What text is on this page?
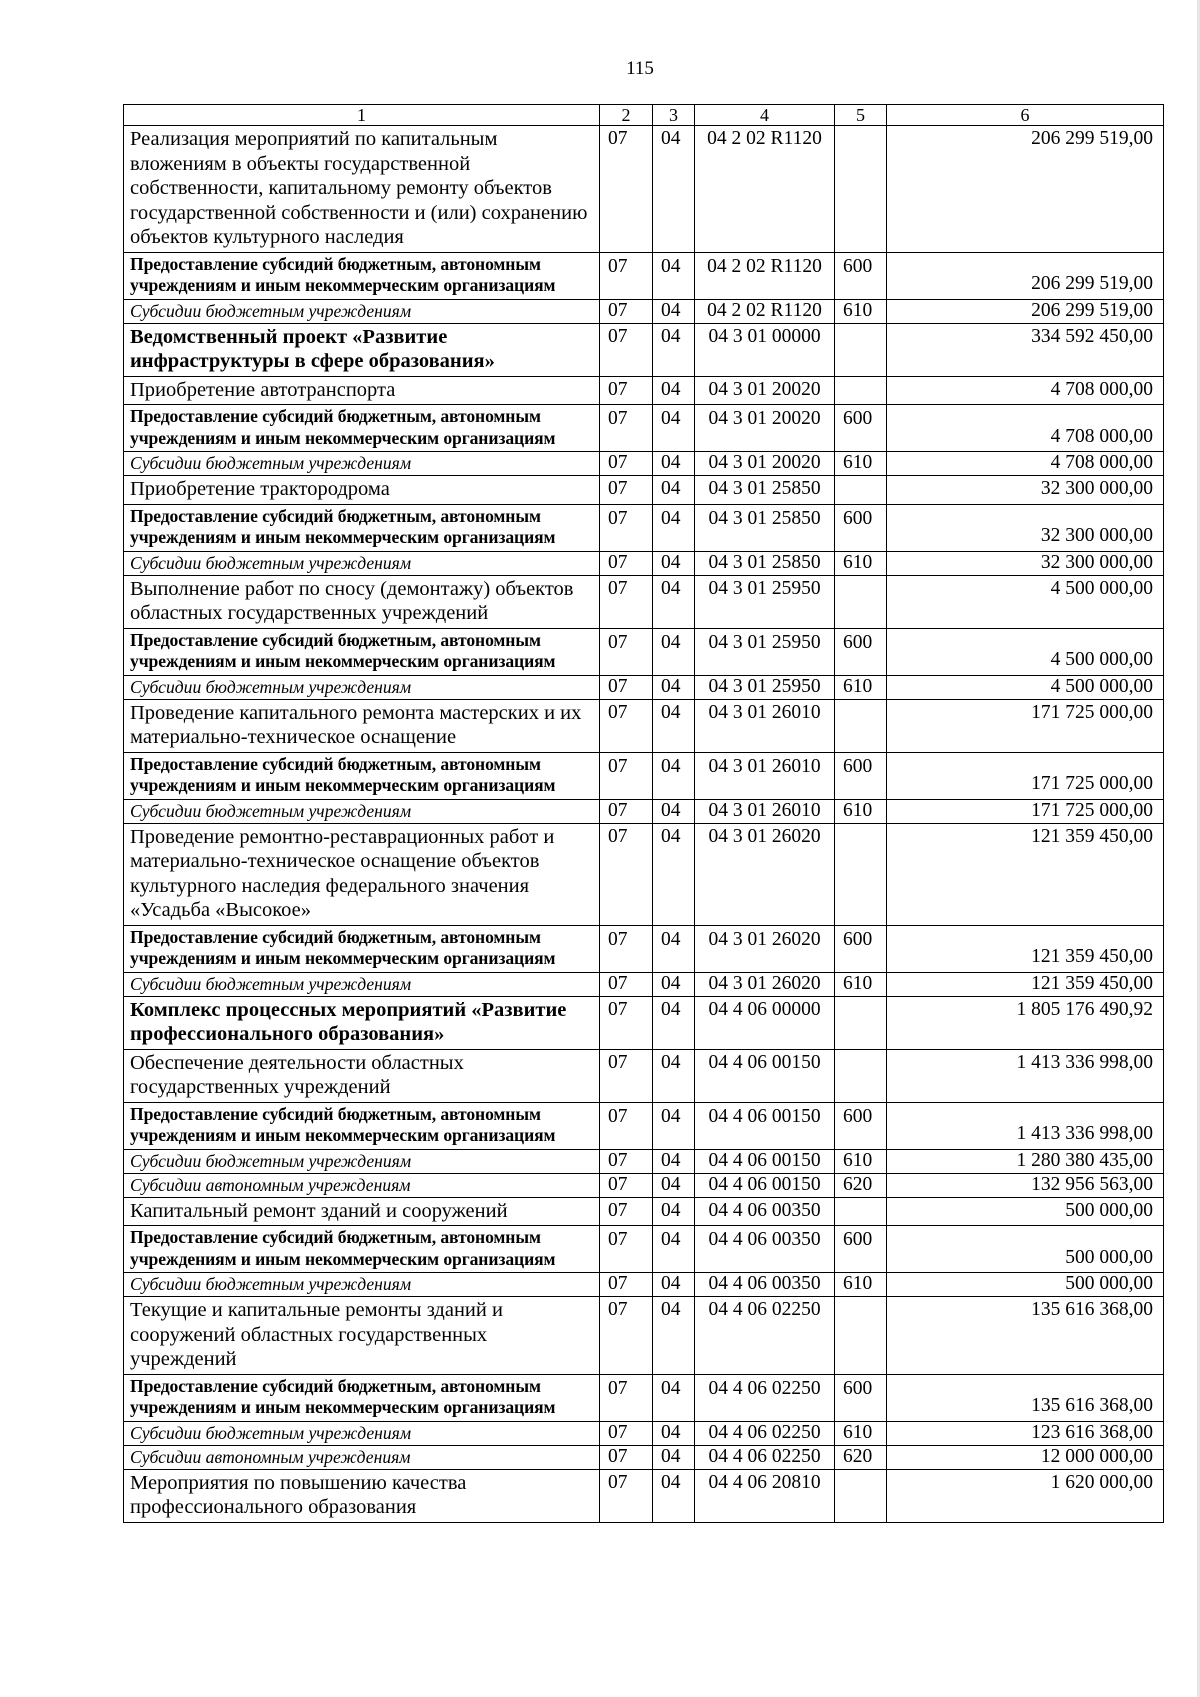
115
1	2	3	4	5	6
Реализация мероприятий по капитальным вложениям в объекты государственной собственности, капитальному ремонту объектов государственной собственности и (или) сохранению объектов культурного наследия	07	04	04 2 02 R1120		206 299 519,00
Предоставление субсидий бюджетным, автономным учреждениям и иным некоммерческим организациям	07	04	04 2 02 R1120	600	206 299 519,00
Субсидии бюджетным учреждениям	07	04	04 2 02 R1120	610	206 299 519,00
Ведомственный проект «Развитие инфраструктуры в сфере образования»	07	04	04 3 01 00000		334 592 450,00
Приобретение автотранспорта	07	04	04 3 01 20020		4 708 000,00
Предоставление субсидий бюджетным, автономным учреждениям и иным некоммерческим организациям	07	04	04 3 01 20020	600	4 708 000,00
Субсидии бюджетным учреждениям	07	04	04 3 01 20020	610	4 708 000,00
Приобретение трактородрома	07	04	04 3 01 25850		32 300 000,00
Предоставление субсидий бюджетным, автономным учреждениям и иным некоммерческим организациям	07	04	04 3 01 25850	600	32 300 000,00
Субсидии бюджетным учреждениям	07	04	04 3 01 25850	610	32 300 000,00
Выполнение работ по сносу (демонтажу) объектов областных государственных учреждений	07	04	04 3 01 25950		4 500 000,00
Предоставление субсидий бюджетным, автономным учреждениям и иным некоммерческим организациям	07	04	04 3 01 25950	600	4 500 000,00
Субсидии бюджетным учреждениям	07	04	04 3 01 25950	610	4 500 000,00
Проведение капитального ремонта мастерских и их материально-техническое оснащение	07	04	04 3 01 26010		171 725 000,00
Предоставление субсидий бюджетным, автономным учреждениям и иным некоммерческим организациям	07	04	04 3 01 26010	600	171 725 000,00
Субсидии бюджетным учреждениям	07	04	04 3 01 26010	610	171 725 000,00
Проведение ремонтно-реставрационных работ и материально-техническое оснащение объектов культурного наследия федерального значения «Усадьба «Высокое»	07	04	04 3 01 26020		121 359 450,00
Предоставление субсидий бюджетным, автономным учреждениям и иным некоммерческим организациям	07	04	04 3 01 26020	600	121 359 450,00
Субсидии бюджетным учреждениям	07	04	04 3 01 26020	610	121 359 450,00
Комплекс процессных мероприятий «Развитие профессионального образования»	07	04	04 4 06 00000		1 805 176 490,92
Обеспечение деятельности областных государственных учреждений	07	04	04 4 06 00150		1 413 336 998,00
Предоставление субсидий бюджетным, автономным учреждениям и иным некоммерческим организациям	07	04	04 4 06 00150	600	1 413 336 998,00
Субсидии бюджетным учреждениям	07	04	04 4 06 00150	610	1 280 380 435,00
Субсидии автономным учреждениям	07	04	04 4 06 00150	620	132 956 563,00
Капитальный ремонт зданий и сооружений	07	04	04 4 06 00350		500 000,00
Предоставление субсидий бюджетным, автономным учреждениям и иным некоммерческим организациям	07	04	04 4 06 00350	600	500 000,00
Субсидии бюджетным учреждениям	07	04	04 4 06 00350	610	500 000,00
Текущие и капитальные ремонты зданий и сооружений областных государственных учреждений	07	04	04 4 06 02250		135 616 368,00
Предоставление субсидий бюджетным, автономным учреждениям и иным некоммерческим организациям	07	04	04 4 06 02250	600	135 616 368,00
Субсидии бюджетным учреждениям	07	04	04 4 06 02250	610	123 616 368,00
Субсидии автономным учреждениям	07	04	04 4 06 02250	620	12 000 000,00
Мероприятия по повышению качества профессионального образования	07	04	04 4 06 20810		1 620 000,00
